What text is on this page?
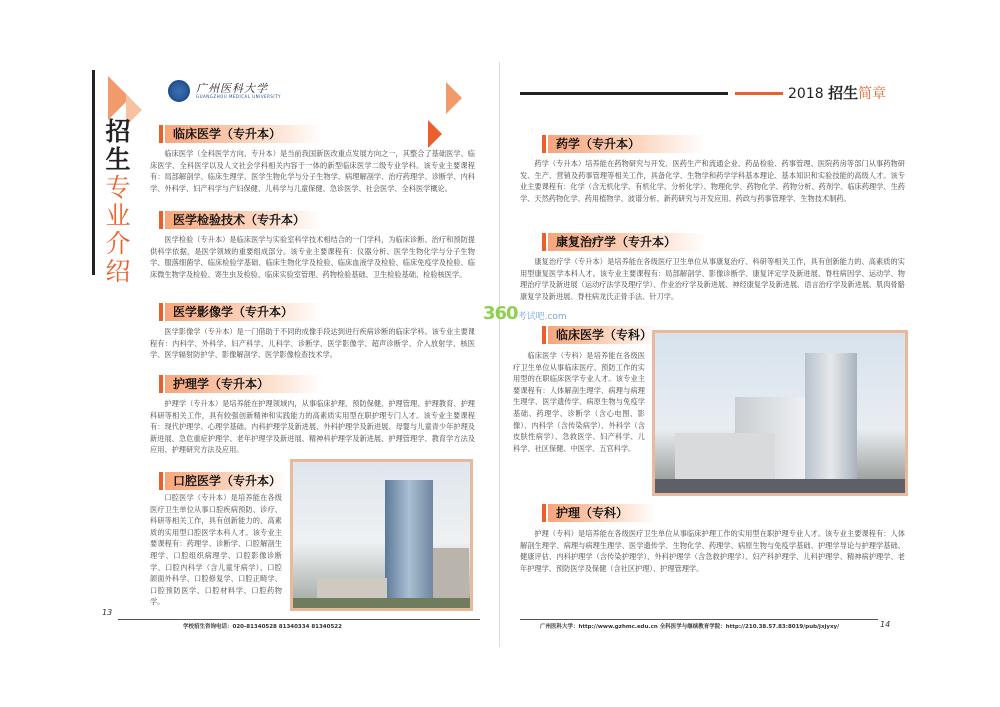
招
生
专
业
介
绍
广州医科大学
GUANGZHOU MEDICAL UNIVERSITY	2018 招生简章
临床医学（专升本）
临床医学（全科医学方向、专升本）是当前我国新医改重点发展方向之一，其整合了基础医学、临床医学、全科医学以及人文社会学科相关内容于一体的新型临床医学二级专业学科。该专业主要课程有：局部解剖学、临床生理学、医学生物化学与分子生物学、病理解剖学、治疗药理学、诊断学、内科学、外科学、妇产科学与产妇保健、儿科学与儿童保健、急诊医学、社会医学、全科医学概论。
医学检验技术（专升本）
医学检验（专升本）是临床医学与实验室科学技术相结合的一门学科，为临床诊断、治疗和预防提供科学依据，是医学领域的重要组成部分。该专业主要课程有：仪器分析、医学生物化学与分子生物学、服落细菌学、临床检验学基础、临床生物化学及检验、临床血液学及检验、临床免疫学及检验、临床微生物学及检验、寄生虫及检验、临床实验室管理、药物检验基础、卫生检验基础、检验核医学。
医学影像学（专升本）
医学影像学（专升本）是一门借助于不同的成像手段达到进行疾病诊断的临床学科。该专业主要课程有：内科学、外科学、妇产科学、儿科学、诊断学、医学影像学、超声诊断学、介入放射学、核医学、医学辐射防护学、影像解剖学、医学影像检查技术学。
护理学（专升本）
护理学（专升本）是培养能在护理领域内，从事临床护理、预防保健、护理管理、护理教育、护理科研等相关工作，具有较强创新精神和实践能力的高素质实用型在职护理专门人才。该专业主要课程有：现代护理学、心理学基础、内科护理学及新进展、外科护理学及新进展、母婴与儿童青少年护理及新进展、急危重症护理学、老年护理学及新进展、精神科护理学及新进展、护理管理学、教育学方法及应用、护理研究方法及应用。
口腔医学（专升本）
口腔医学（专升本）是培养能在各级医疗卫生单位从事口腔疾病预防、诊疗、科研等相关工作，具有创新能力的、高素质的实用型口腔医学本科人才。该专业主要课程有：药理学、诊断学、口腔解剖生理学、口腔组织病理学、口腔影像诊断学、口腔内科学（含儿童牙病学）、口腔颌面外科学、口腔修复学、口腔正畸学、口腔预防医学、口腔材料学、口腔药物学。
药学（专升本）
药学（专升本）培养能在药物研究与开发、医药生产和流通企业、药品检验、药事管理、医院药房等部门从事药物研发、生产、营销及药事管理等相关工作，具备化学、生物学和药学学科基本理论、基本知识和实验技能的高级人才。该专业主要课程有：化学（含无机化学、有机化学、分析化学）、物理化学、药物化学、药物分析、药剂学、临床药理学、生药学、天然药物化学、药用植物学、波谱分析、新药研究与开发应用、药政与药事管理学、生物技术制药。
康复治疗学（专升本）
康复治疗学（专升本）是培养能在各级医疗卫生单位从事康复治疗、科研等相关工作，具有创新能力的、高素质的实用型康复医学本科人才。该专业主要课程有：局部解剖学、影像诊断学、康复评定学及新进展、脊柱病因学、运动学、物理治疗学及新进展（运动疗法学及理疗学）、作业治疗学及新进展、神经康复学及新进展、语言治疗学及新进展、肌肉骨骼康复学及新进展、脊柱病龙氏正骨手法、针刀学。
临床医学（专科）
临床医学（专科）是培养能在各级医疗卫生单位从事临床医疗、预防工作的实用型的在职临床医学专业人才。该专业主要课程有：人体解剖生理学、病理与病理生理学、医学遗传学、病原生物与免疫学基础、药理学、诊断学（含心电图、影像）、内科学（含传染病学）、外科学（含皮肤性病学）、急救医学、妇产科学、儿科学、社区保健、中医学、五官科学。
护理（专科）
护理（专科）是培养能在各级医疗卫生单位从事临床护理工作的实用型在职护理专业人才。该专业主要课程有：人体解剖生理学、病理与病理生理学、医学遗传学、生物化学、药理学、病原生物与免疫学基础、护理学导论与护理学基础、健康评估、内科护理学（含传染护理学）、外科护理学（含急救护理学）、妇产科护理学、儿科护理学、精神病护理学、老年护理学、预防医学及保健（含社区护理）、护理管理学。
360考试吧.com
13
学校招生咨询电话：020-81340528 81340334 81340522	广州医科大学：http://www.gzhmc.edu.cn 全科医学与继续教育学院：http://210.38.57.83:8019/pub/jxjyxy/	14
